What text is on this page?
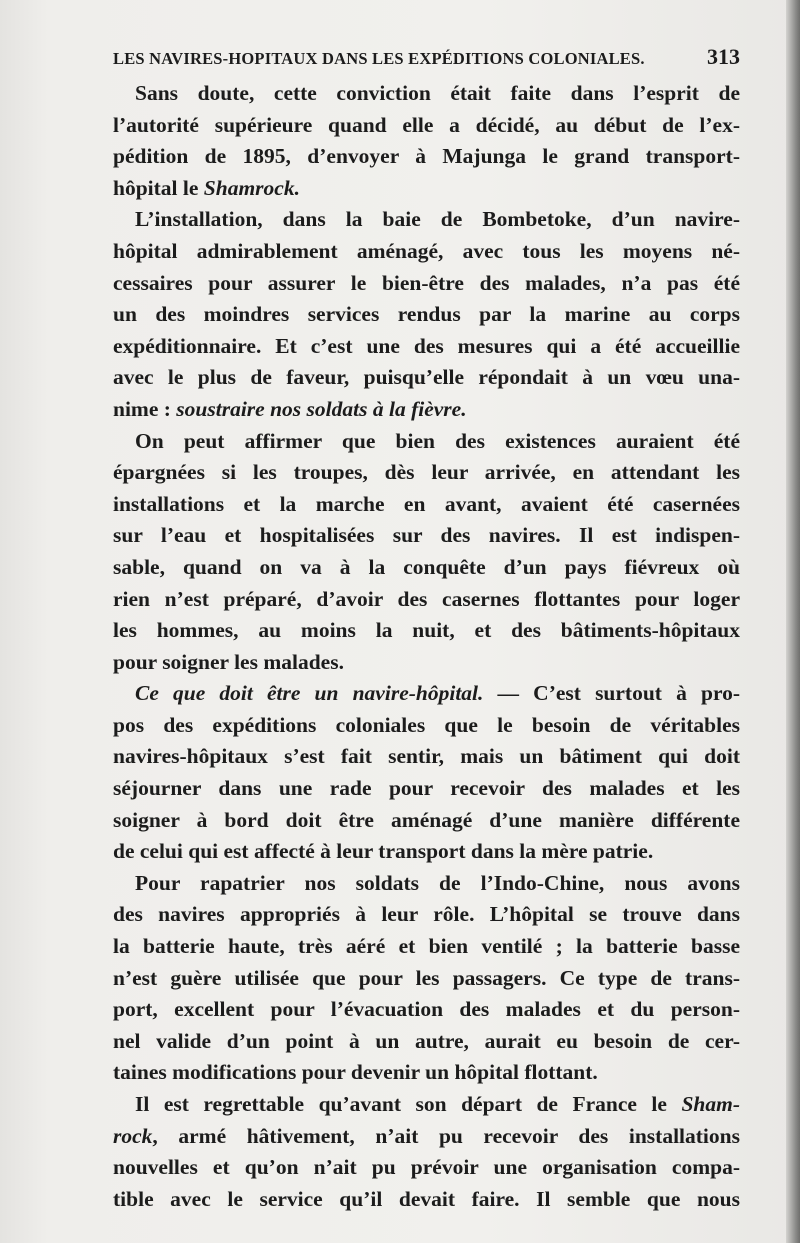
LES NAVIRES-HOPITAUX DANS LES EXPÉDITIONS COLONIALES.	313
Sans doute, cette conviction était faite dans l’esprit de
l’autorité supérieure quand elle a décidé, au début de l’ex-
pédition de 1895, d’envoyer à Majunga le grand transport-
hôpital le Shamrock.
L’installation, dans la baie de Bombetoke, d’un navire-
hôpital admirablement aménagé, avec tous les moyens né-
cessaires pour assurer le bien-être des malades, n’a pas été
un des moindres services rendus par la marine au corps
expéditionnaire. Et c’est une des mesures qui a été accueillie
avec le plus de faveur, puisqu’elle répondait à un vœu una-
nime : soustraire nos soldats à la fièvre.
On peut affirmer que bien des existences auraient été
épargnées si les troupes, dès leur arrivée, en attendant les
installations et la marche en avant, avaient été casernées
sur l’eau et hospitalisées sur des navires. Il est indispen-
sable, quand on va à la conquête d’un pays fiévreux où
rien n’est préparé, d’avoir des casernes flottantes pour loger
les hommes, au moins la nuit, et des bâtiments-hôpitaux
pour soigner les malades.
Ce que doit être un navire-hôpital. — C’est surtout à pro-
pos des expéditions coloniales que le besoin de véritables
navires-hôpitaux s’est fait sentir, mais un bâtiment qui doit
séjourner dans une rade pour recevoir des malades et les
soigner à bord doit être aménagé d’une manière différente
de celui qui est affecté à leur transport dans la mère patrie.
Pour rapatrier nos soldats de l’Indo-Chine, nous avons
des navires appropriés à leur rôle. L’hôpital se trouve dans
la batterie haute, très aéré et bien ventilé ; la batterie basse
n’est guère utilisée que pour les passagers. Ce type de trans-
port, excellent pour l’évacuation des malades et du person-
nel valide d’un point à un autre, aurait eu besoin de cer-
taines modifications pour devenir un hôpital flottant.
Il est regrettable qu’avant son départ de France le Sham-
rock, armé hâtivement, n’ait pu recevoir des installations
nouvelles et qu’on n’ait pu prévoir une organisation compa-
tible avec le service qu’il devait faire. Il semble que nous
